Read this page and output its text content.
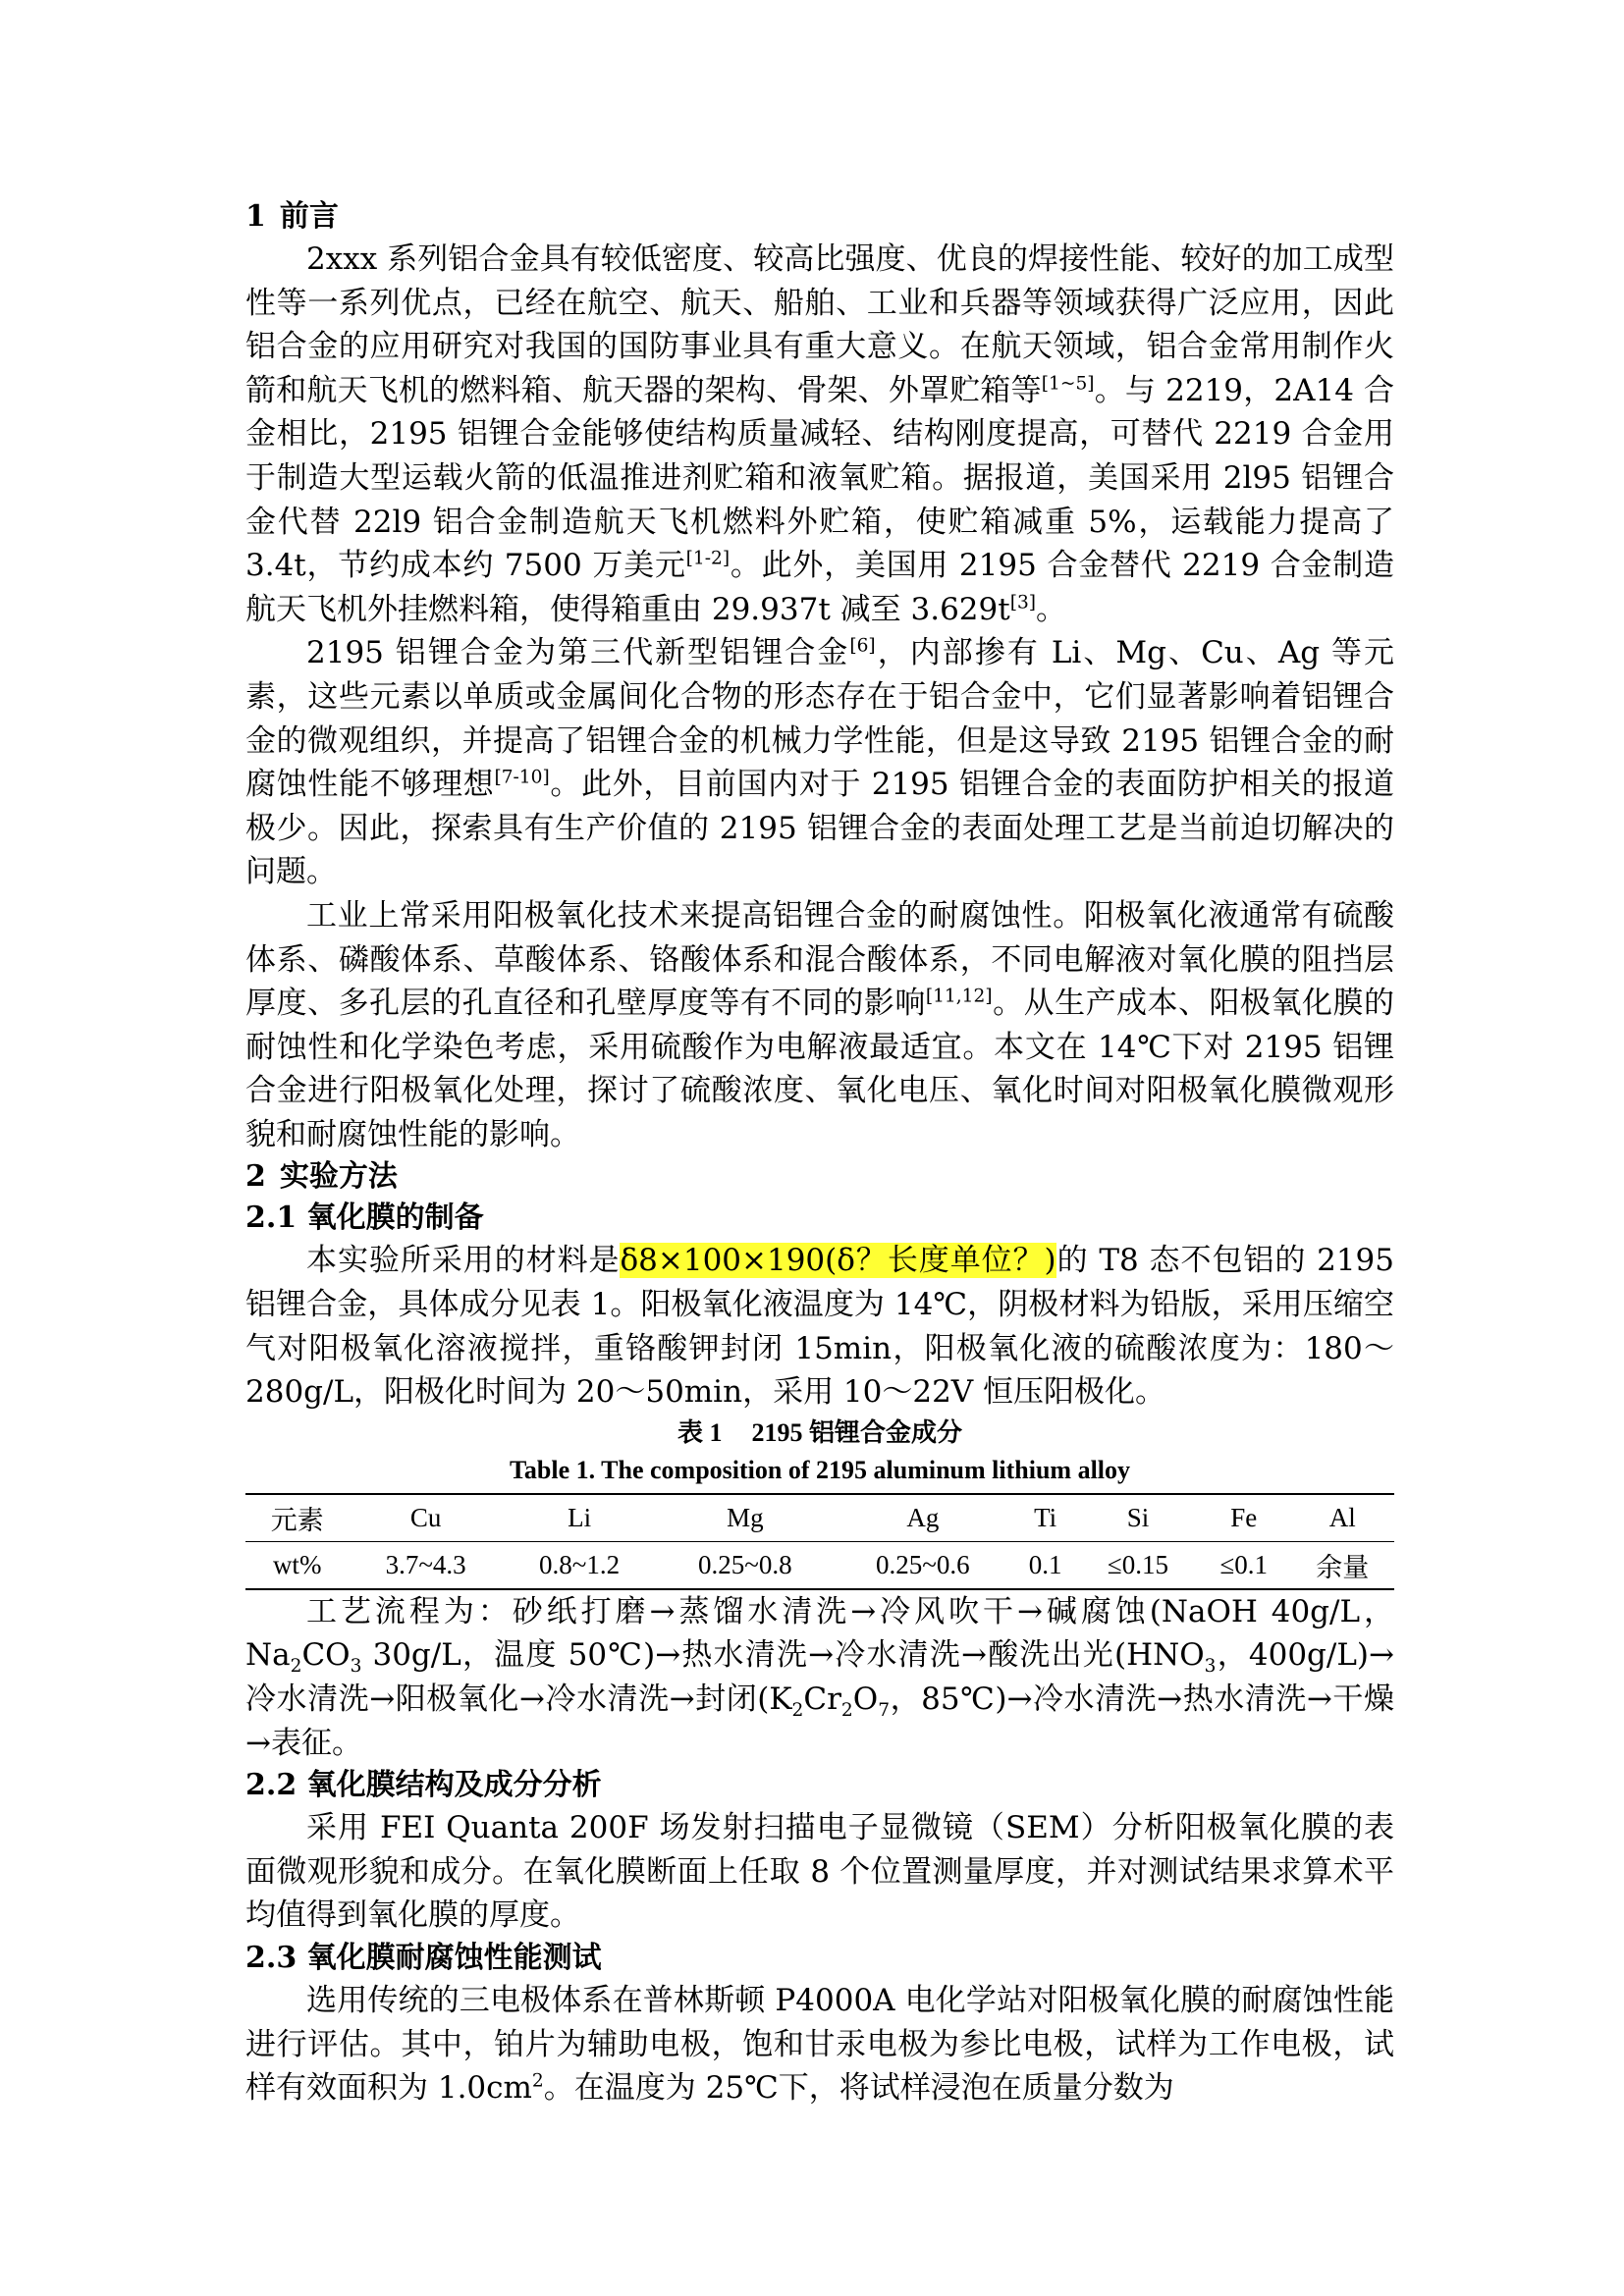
1 前言

2xxx 系列铝合金具有较低密度、较高比强度、优良的焊接性能、较好的加工成型性等一系列优点，已经在航空、航天、船舶、工业和兵器等领域获得广泛应用，因此铝合金的应用研究对我国的国防事业具有重大意义。在航天领域，铝合金常用制作火箭和航天飞机的燃料箱、航天器的架构、骨架、外罩贮箱等[1~5]。与 2219，2A14 合金相比，2195 铝锂合金能够使结构质量减轻、结构刚度提高，可替代 2219 合金用于制造大型运载火箭的低温推进剂贮箱和液氧贮箱。据报道，美国采用 2l95 铝锂合金代替 22l9 铝合金制造航天飞机燃料外贮箱，使贮箱减重 5%，运载能力提高了 3.4t，节约成本约 7500 万美元[1-2]。此外，美国用 2195 合金替代 2219 合金制造航天飞机外挂燃料箱，使得箱重由 29.937t 减至 3.629t[3]。

2195 铝锂合金为第三代新型铝锂合金[6]，内部掺有 Li、Mg、Cu、Ag 等元素，这些元素以单质或金属间化合物的形态存在于铝合金中，它们显著影响着铝锂合金的微观组织，并提高了铝锂合金的机械力学性能，但是这导致 2195 铝锂合金的耐腐蚀性能不够理想[7-10]。此外，目前国内对于 2195 铝锂合金的表面防护相关的报道极少。因此，探索具有生产价值的 2195 铝锂合金的表面处理工艺是当前迫切解决的问题。

工业上常采用阳极氧化技术来提高铝锂合金的耐腐蚀性。阳极氧化液通常有硫酸体系、磷酸体系、草酸体系、铬酸体系和混合酸体系，不同电解液对氧化膜的阻挡层厚度、多孔层的孔直径和孔壁厚度等有不同的影响[11,12]。从生产成本、阳极氧化膜的耐蚀性和化学染色考虑，采用硫酸作为电解液最适宜。本文在 14℃下对 2195 铝锂合金进行阳极氧化处理，探讨了硫酸浓度、氧化电压、氧化时间对阳极氧化膜微观形貌和耐腐蚀性能的影响。

2 实验方法

2.1 氧化膜的制备

本实验所采用的材料是δ8×100×190(δ？长度单位？)的 T8 态不包铝的 2195 铝锂合金，具体成分见表 1。阳极氧化液温度为 14℃，阴极材料为铅版，采用压缩空气对阳极氧化溶液搅拌，重铬酸钾封闭 15min，阳极氧化液的硫酸浓度为：180～280g/L，阳极化时间为 20～50min，采用 10～22V 恒压阳极化。

表 1 2195 铝锂合金成分

Table 1. The composition of 2195 aluminum lithium alloy

元素	Cu	Li	Mg	Ag	Ti	Si	Fe	Al
wt%	3.7~4.3	0.8~1.2	0.25~0.8	0.25~0.6	0.1	≤0.15	≤0.1	余量

工艺流程为：砂纸打磨→蒸馏水清洗→冷风吹干→碱腐蚀(NaOH 40g/L，$Na_2CO_3$ 30g/L，温度 50℃)→热水清洗→冷水清洗→酸洗出光($HNO_3$，400g/L)→冷水清洗→阳极氧化→冷水清洗→封闭($K_2Cr_2O_7$，85℃)→冷水清洗→热水清洗→干燥→表征。

2.2 氧化膜结构及成分分析

采用 FEI Quanta 200F 场发射扫描电子显微镜（SEM）分析阳极氧化膜的表面微观形貌和成分。在氧化膜断面上任取 8 个位置测量厚度，并对测试结果求算术平均值得到氧化膜的厚度。

2.3 氧化膜耐腐蚀性能测试

选用传统的三电极体系在普林斯顿 P4000A 电化学站对阳极氧化膜的耐腐蚀性能进行评估。其中，铂片为辅助电极，饱和甘汞电极为参比电极，试样为工作电极，试样有效面积为 $1.0cm^2$。在温度为 25℃下，将试样浸泡在质量分数为
